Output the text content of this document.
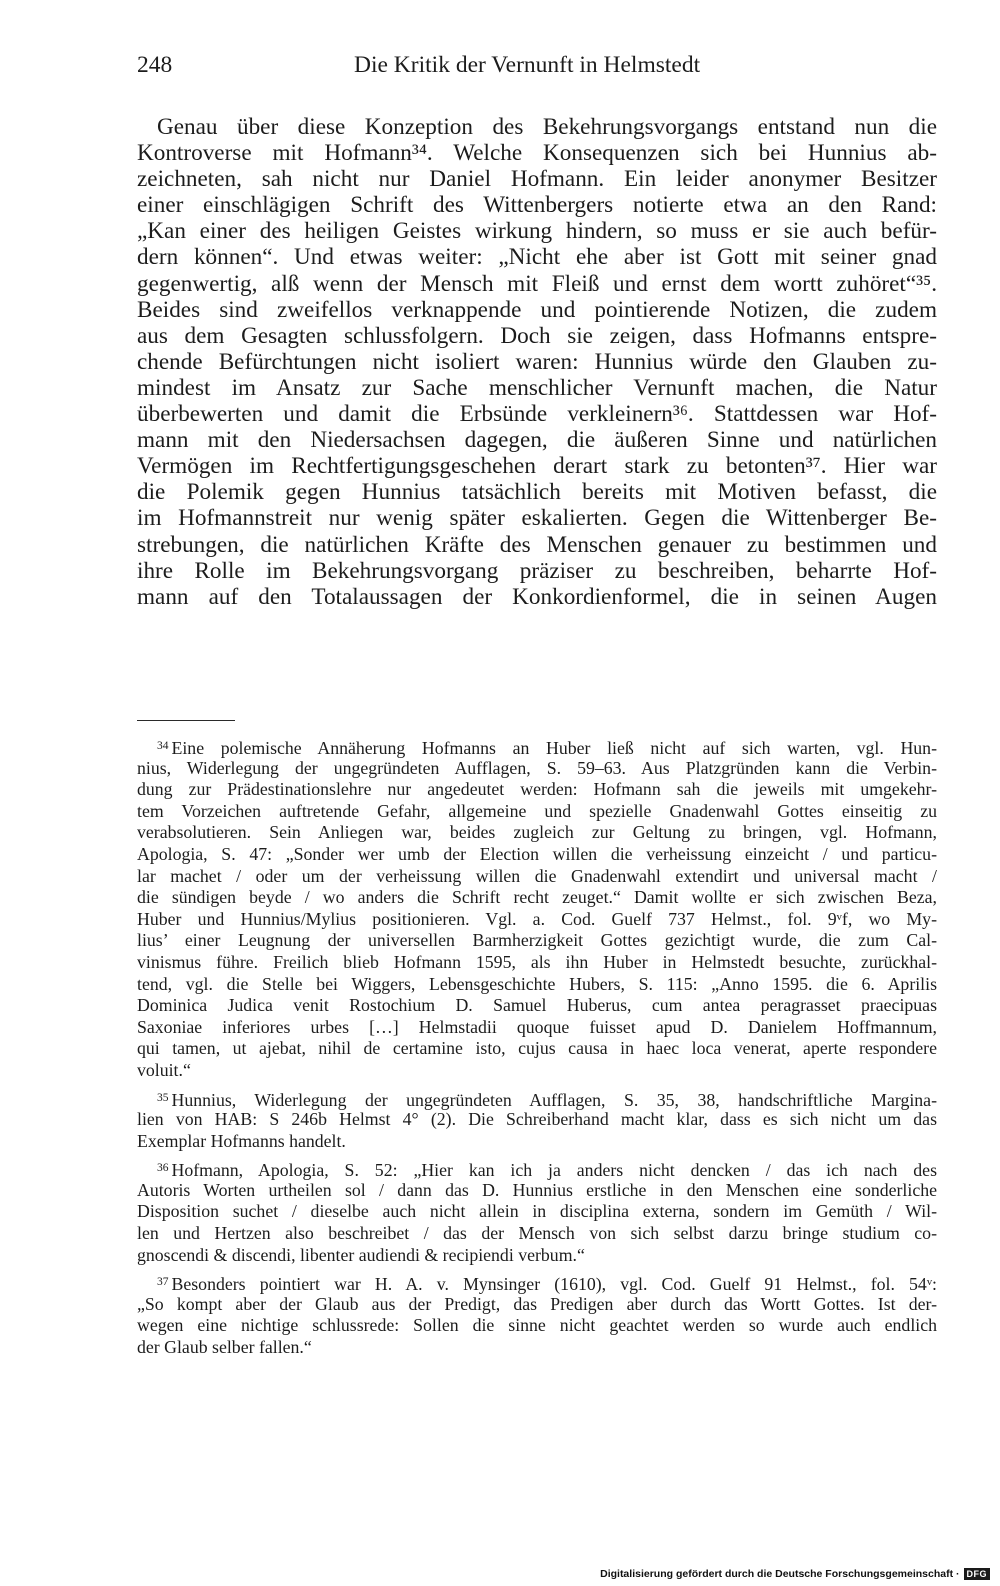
248	Die Kritik der Vernunft in Helmstedt
Genau über diese Konzeption des Bekehrungsvorgangs entstand nun die
Kontroverse mit Hofmann³⁴. Welche Konsequenzen sich bei Hunnius ab-
zeichneten, sah nicht nur Daniel Hofmann. Ein leider anonymer Besitzer
einer einschlägigen Schrift des Wittenbergers notierte etwa an den Rand:
„Kan einer des heiligen Geistes wirkung hindern, so muss er sie auch befür-
dern können“. Und etwas weiter: „Nicht ehe aber ist Gott mit seiner gnad
gegenwertig, alß wenn der Mensch mit Fleiß und ernst dem wortt zuhöret“³⁵.
Beides sind zweifellos verknappende und pointierende Notizen, die zudem
aus dem Gesagten schlussfolgern. Doch sie zeigen, dass Hofmanns entspre-
chende Befürchtungen nicht isoliert waren: Hunnius würde den Glauben zu-
mindest im Ansatz zur Sache menschlicher Vernunft machen, die Natur
überbewerten und damit die Erbsünde verkleinern³⁶. Stattdessen war Hof-
mann mit den Niedersachsen dagegen, die äußeren Sinne und natürlichen
Vermögen im Rechtfertigungsgeschehen derart stark zu betonten³⁷. Hier war
die Polemik gegen Hunnius tatsächlich bereits mit Motiven befasst, die
im Hofmannstreit nur wenig später eskalierten. Gegen die Wittenberger Be-
strebungen, die natürlichen Kräfte des Menschen genauer zu bestimmen und
ihre Rolle im Bekehrungsvorgang präziser zu beschreiben, beharrte Hof-
mann auf den Totalaussagen der Konkordienformel, die in seinen Augen
$^{34}$ Eine polemische Annäherung Hofmanns an Huber ließ nicht auf sich warten, vgl. Hun-
nius, Widerlegung der ungegründeten Aufflagen, S. 59–63. Aus Platzgründen kann die Verbin-
dung zur Prädestinationslehre nur angedeutet werden: Hofmann sah die jeweils mit umgekehr-
tem Vorzeichen auftretende Gefahr, allgemeine und spezielle Gnadenwahl Gottes einseitig zu
verabsolutieren. Sein Anliegen war, beides zugleich zur Geltung zu bringen, vgl. Hofmann,
Apologia, S. 47: „Sonder wer umb der Election willen die verheissung einzeicht / und particu-
lar machet / oder um der verheissung willen die Gnadenwahl extendirt und universal macht /
die sündigen beyde / wo anders die Schrift recht zeuget.“ Damit wollte er sich zwischen Beza,
Huber und Hunnius/Mylius positionieren. Vgl. a. Cod. Guelf 737 Helmst., fol. 9ᵛf, wo My-
lius’ einer Leugnung der universellen Barmherzigkeit Gottes gezichtigt wurde, die zum Cal-
vinismus führe. Freilich blieb Hofmann 1595, als ihn Huber in Helmstedt besuchte, zurückhal-
tend, vgl. die Stelle bei Wiggers, Lebensgeschichte Hubers, S. 115: „Anno 1595. die 6. Aprilis
Dominica Judica venit Rostochium D. Samuel Huberus, cum antea peragrasset praecipuas
Saxoniae inferiores urbes […] Helmstadii quoque fuisset apud D. Danielem Hoffmannum,
qui tamen, ut ajebat, nihil de certamine isto, cujus causa in haec loca venerat, aperte respondere
voluit.“
$^{35}$ Hunnius, Widerlegung der ungegründeten Aufflagen, S. 35, 38, handschriftliche Margina-
lien von HAB: S 246b Helmst 4° (2). Die Schreiberhand macht klar, dass es sich nicht um das
Exemplar Hofmanns handelt.
$^{36}$ Hofmann, Apologia, S. 52: „Hier kan ich ja anders nicht dencken / das ich nach des
Autoris Worten urtheilen sol / dann das D. Hunnius erstliche in den Menschen eine sonderliche
Disposition suchet / dieselbe auch nicht allein in disciplina externa, sondern im Gemüth / Wil-
len und Hertzen also beschreibet / das der Mensch von sich selbst darzu bringe studium co-
gnoscendi & discendi, libenter audiendi & recipiendi verbum.“
$^{37}$ Besonders pointiert war H. A. v. Mynsinger (1610), vgl. Cod. Guelf 91 Helmst., fol. 54ᵛ:
„So kompt aber der Glaub aus der Predigt, das Predigen aber durch das Wortt Gottes. Ist der-
wegen eine nichtige schlussrede: Sollen die sinne nicht geachtet werden so wurde auch endlich
der Glaub selber fallen.“
Digitalisierung gefördert durch die Deutsche Forschungsgemeinschaft · DFG
